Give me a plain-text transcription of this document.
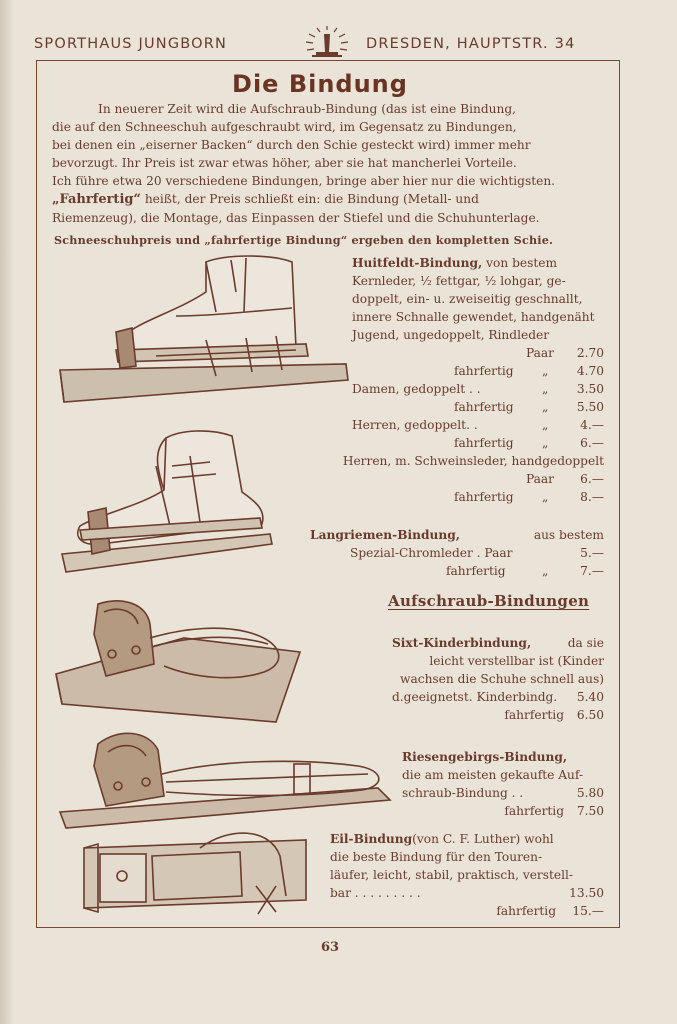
SPORTHAUS JUNGBORN	DRESDEN, HAUPTSTR. 34
Die Bindung
In neuerer Zeit wird die Aufschraub-Bindung (das ist eine Bindung,
die auf den Schneeschuh aufgeschraubt wird, im Gegensatz zu Bindungen,
bei denen ein „eiserner Backen“ durch den Schie gesteckt wird) immer mehr
bevorzugt. Ihr Preis ist zwar etwas höher, aber sie hat mancherlei Vorteile.
Ich führe etwa 20 verschiedene Bindungen, bringe aber hier nur die wichtigsten.
„Fahrfertig“ heißt, der Preis schließt ein: die Bindung (Metall- und
Riemenzeug), die Montage, das Einpassen der Stiefel und die Schuhunterlage.
Schneeschuhpreis und „fahrfertige Bindung“ ergeben den kompletten Schie.
Huitfeldt-Bindung, von bestem
Kernleder, ½ fettgar, ½ lohgar, ge-
doppelt, ein- u. zweiseitig geschnallt,
innere Schnalle gewendet, handgenäht
Jugend, ungedoppelt, Rindleder
Paar 2.70
fahrfertig „ 4.70
Damen, gedoppelt . .	„ 3.50
fahrfertig „ 5.50
Herren, gedoppelt. .	„	4.—
fahrfertig „	6.—
Herren, m. Schweinsleder, handgedoppelt
Paar 6.—
fahrfertig „	8.—
Langriemen-Bindung,	aus bestem
Spezial-Chromleder . Paar	5.—
fahrfertig	„	7.—
Aufschraub-Bindungen
Sixt-Kinderbindung,	da sie
leicht verstellbar ist (Kinder
wachsen die Schuhe schnell aus)
d.geeignetst. Kinderbindg. 5.40
fahrfertig 6.50
Riesengebirgs-Bindung,
die am meisten gekaufte Auf-
schraub-Bindung . .	5.80
fahrfertig 7.50
Eil-Bindung (von C. F. Luther) wohl
die beste Bindung für den Touren-
läufer, leicht, stabil, praktisch, verstell-
bar . . . . . . . . .	13.50
fahrfertig 15.—
63
